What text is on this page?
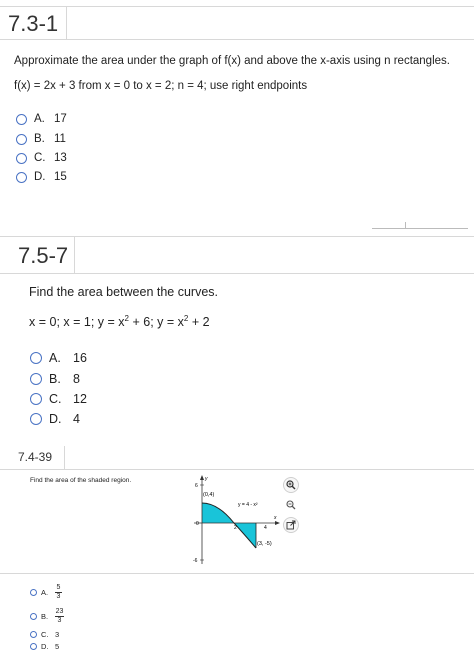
7.3-1
Approximate the area under the graph of f(x) and above the x-axis using n rectangles.
f(x) = 2x + 3 from x = 0 to x = 2; n = 4; use right endpoints
A. 17
B. 11
C. 13
D. 15
7.5-7
Find the area between the curves.
x = 0; x = 1; $y = x^2 + 6$; $y = x^2 + 2$
A. 16
B. 8
C. 12
D. 4
7.4-39
Find the area of the shaded region.	y
6
-6
0
2	4
x
(0,4)
y = 4 - x²
(3, -5)
A. $\frac{5}{3}$
B. $\frac{23}{3}$
C. 3
D. 5
